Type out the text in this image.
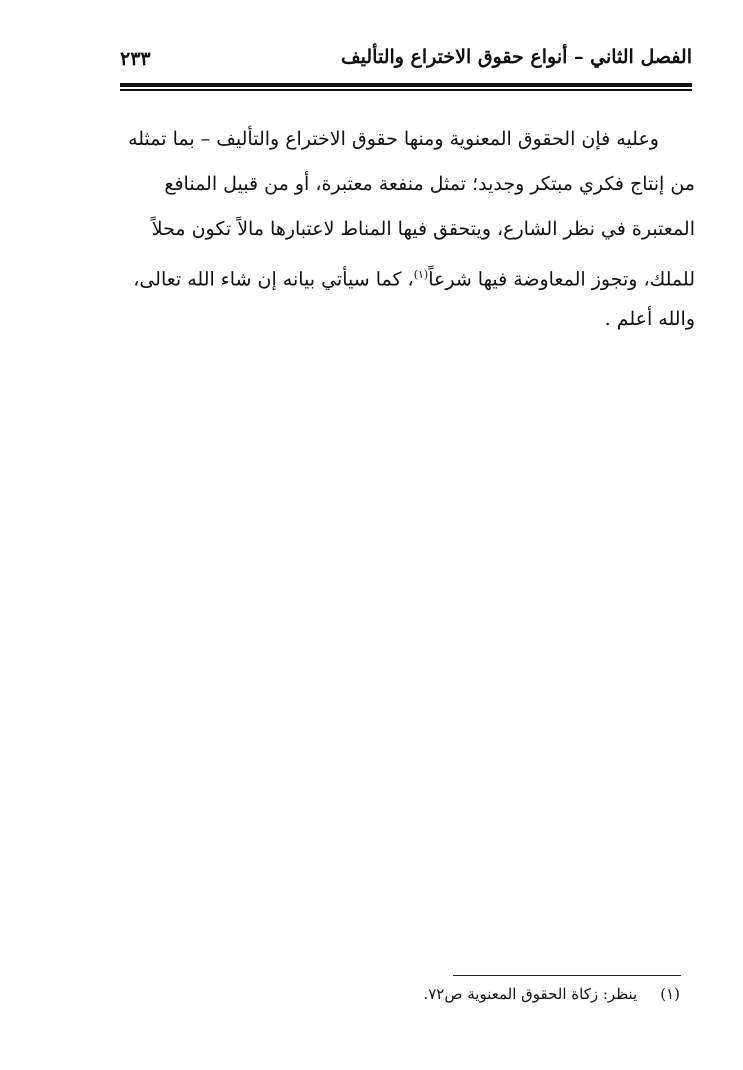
الفصل الثاني – أنواع حقوق الاختراع والتأليف
٢٣٣
وعليه فإن الحقوق المعنوية ومنها حقوق الاختراع والتأليف – بما تمثله
من إنتاج فكري مبتكر وجديد؛ تمثل منفعة معتبرة، أو من قبيل المنافع
المعتبرة في نظر الشارع، ويتحقق فيها المناط لاعتبارها مالاً تكون محلاً
للملك، وتجوز المعاوضة فيها شرعاً$^{(١)}$، كما سيأتي بيانه إن شاء الله تعالى،
والله أعلم .
(١) ينظر: زكاة الحقوق المعنوية ص٧٢.
